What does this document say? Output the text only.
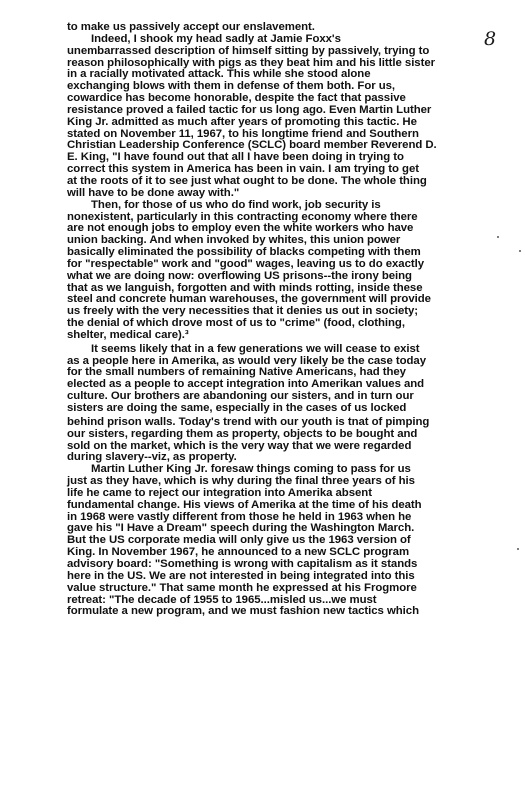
8
to make us passively accept our enslavement.
Indeed, I shook my head sadly at Jamie Foxx's
unembarrassed description of himself sitting by passively, trying to
reason philosophically with pigs as they beat him and his little sister
in a racially motivated attack. This while she stood alone
exchanging blows with them in defense of them both. For us,
cowardice has become honorable, despite the fact that passive
resistance proved a failed tactic for us long ago. Even Martin Luther
King Jr. admitted as much after years of promoting this tactic. He
stated on November 11, 1967, to his longtime friend and Southern
Christian Leadership Conference (SCLC) board member Reverend D.
E. King, "I have found out that all I have been doing in trying to
correct this system in America has been in vain. I am trying to get
at the roots of it to see just what ought to be done. The whole thing
will have to be done away with."
Then, for those of us who do find work, job security is
nonexistent, particularly in this contracting economy where there
are not enough jobs to employ even the white workers who have
union backing. And when invoked by whites, this union power
basically eliminated the possibility of blacks competing with them
for "respectable" work and "good" wages, leaving us to do exactly
what we are doing now: overflowing US prisons--the irony being
that as we languish, forgotten and with minds rotting, inside these
steel and concrete human warehouses, the government will provide
us freely with the very necessities that it denies us out in society;
the denial of which drove most of us to "crime" (food, clothing,
shelter, medical care).³
It seems likely that in a few generations we will cease to exist
as a people here in Amerika, as would very likely be the case today
for the small numbers of remaining Native Americans, had they
elected as a people to accept integration into Amerikan values and
culture. Our brothers are abandoning our sisters, and in turn our
sisters are doing the same, especially in the cases of us locked
behind prison walls. Today's trend with our youth is tnat of pimping
our sisters, regarding them as property, objects to be bought and
sold on the market, which is the very way that we were regarded
during slavery--viz, as property.
Martin Luther King Jr. foresaw things coming to pass for us
just as they have, which is why during the final three years of his
life he came to reject our integration into Amerika absent
fundamental change. His views of Amerika at the time of his death
in 1968 were vastly different from those he held in 1963 when he
gave his "I Have a Dream" speech during the Washington March.
But the US corporate media will only give us the 1963 version of
King. In November 1967, he announced to a new SCLC program
advisory board: "Something is wrong with capitalism as it stands
here in the US. We are not interested in being integrated into this
value structure." That same month he expressed at his Frogmore
retreat: "The decade of 1955 to 1965...misled us...we must
formulate a new program, and we must fashion new tactics which
